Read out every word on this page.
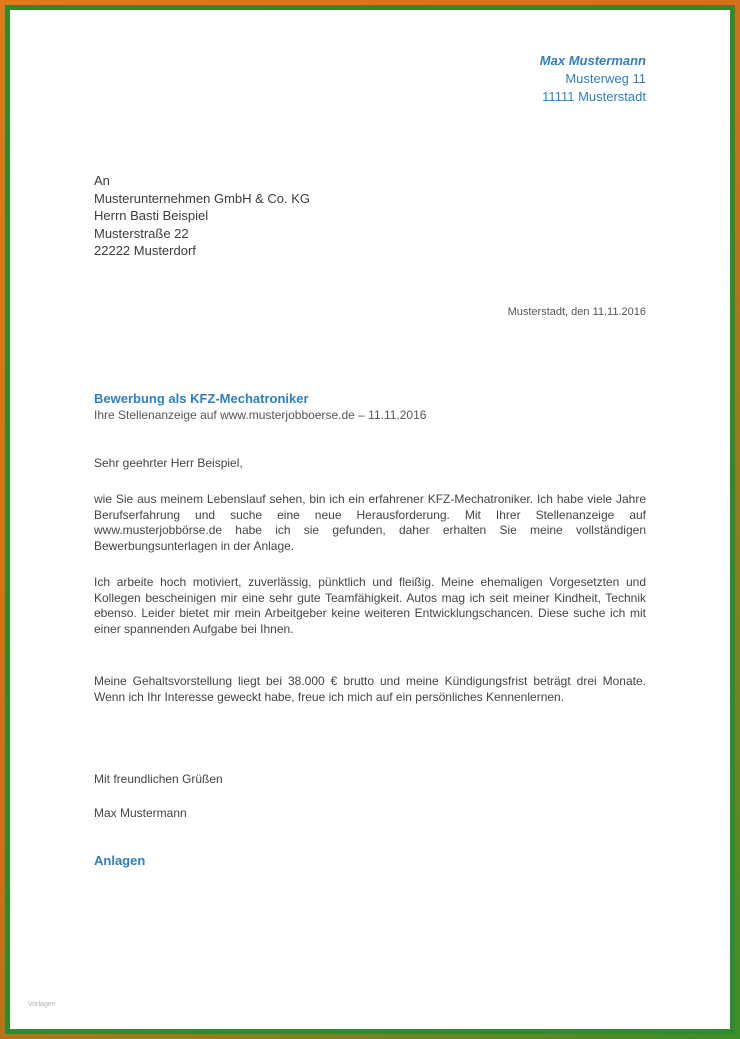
Max Mustermann
Musterweg 11
11111 Musterstadt
An
Musterunternehmen GmbH & Co. KG
Herrn Basti Beispiel
Musterstraße 22
22222 Musterdorf
Musterstadt, den 11.11.2016
Bewerbung als KFZ-Mechatroniker
Ihre Stellenanzeige auf www.musterjobboerse.de – 11.11.2016
Sehr geehrter Herr Beispiel,
wie Sie aus meinem Lebenslauf sehen, bin ich ein erfahrener KFZ-Mechatroniker. Ich habe viele Jahre Berufserfahrung und suche eine neue Herausforderung. Mit Ihrer Stellenanzeige auf www.musterjobbörse.de habe ich sie gefunden, daher erhalten Sie meine vollständigen Bewerbungsunterlagen in der Anlage.
Ich arbeite hoch motiviert, zuverlässig, pünktlich und fleißig. Meine ehemaligen Vorgesetzten und Kollegen bescheinigen mir eine sehr gute Teamfähigkeit. Autos mag ich seit meiner Kindheit, Technik ebenso. Leider bietet mir mein Arbeitgeber keine weiteren Entwicklungschancen. Diese suche ich mit einer spannenden Aufgabe bei Ihnen.
Meine Gehaltsvorstellung liegt bei 38.000 € brutto und meine Kündigungsfrist beträgt drei Monate. Wenn ich Ihr Interesse geweckt habe, freue ich mich auf ein persönliches Kennenlernen.
Mit freundlichen Grüßen
Max Mustermann
Anlagen
Vorlagen
